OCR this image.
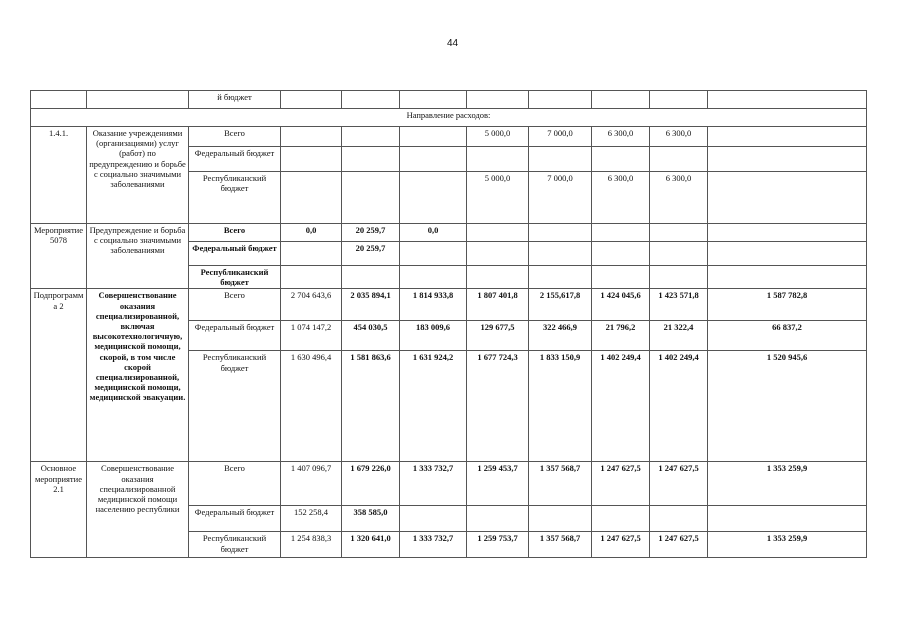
44
		й бюджет								
Направление расходов:										
1.4.1.	Оказание учреждениями (организациями) услуг (работ) по предупреждению и борьбе с социально значимыми заболеваниями	Всего				5 000,0	7 000,0	6 300,0	6 300,0	
		Федеральный бюджет								
		Республиканский бюджет				5 000,0	7 000,0	6 300,0	6 300,0	
Мероприятие 5078	Предупреждение и борьба с социально значимыми заболеваниями	Всего	0,0	20 259,7	0,0					
		Федеральный бюджет		20 259,7						
		Республиканский бюджет								
Подпрограмма 2	Совершенствование оказания специализированной, включая высокотехнологичную, медицинской помощи, скорой, в том числе скорой специализированной, медицинской помощи, медицинской эвакуации.	Всего	2 704 643,6	2 035 894,1	1 814 933,8	1 807 401,8	2 155,617,8	1 424 045,6	1 423 571,8	1 587 782,8
		Федеральный бюджет	1 074 147,2	454 030,5	183 009,6	129 677,5	322 466,9	21 796,2	21 322,4	66 837,2
		Республиканский бюджет	1 630 496,4	1 581 863,6	1 631 924,2	1 677 724,3	1 833 150,9	1 402 249,4	1 402 249,4	1 520 945,6
Основное мероприятие 2.1	Совершенствование оказания специализированной медицинской помощи населению республики	Всего	1 407 096,7	1 679 226,0	1 333 732,7	1 259 453,7	1 357 568,7	1 247 627,5	1 247 627,5	1 353 259,9
		Федеральный бюджет	152 258,4	358 585,0						
		Республиканский бюджет	1 254 838,3	1 320 641,0	1 333 732,7	1 259 753,7	1 357 568,7	1 247 627,5	1 247 627,5	1 353 259,9
